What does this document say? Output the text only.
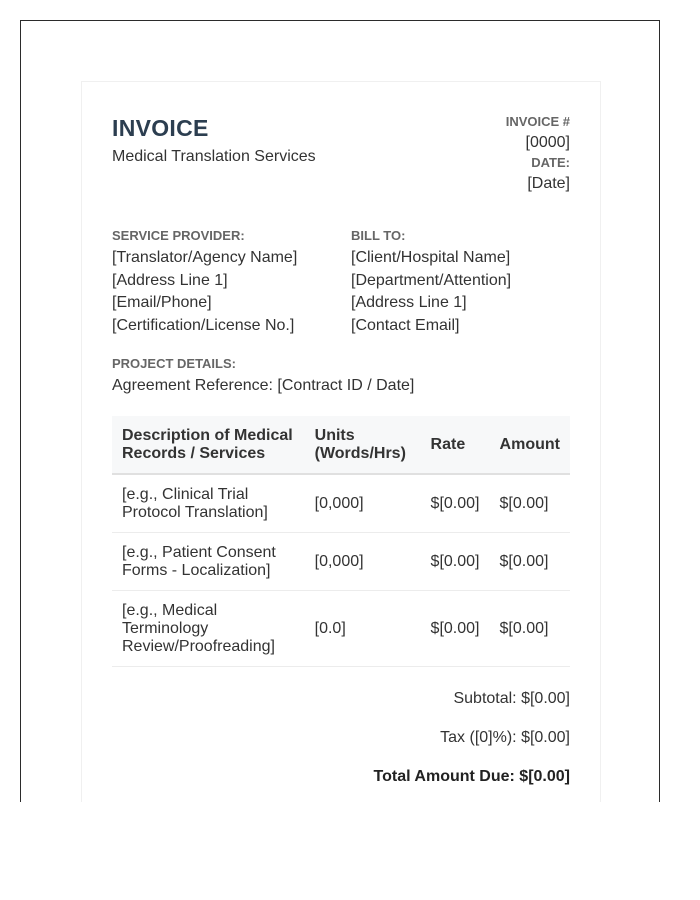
INVOICE
Medical Translation Services
INVOICE #
[0000]
DATE:
[Date]
SERVICE PROVIDER:
[Translator/Agency Name]
[Address Line 1]
[Email/Phone]
[Certification/License No.]
BILL TO:
[Client/Hospital Name]
[Department/Attention]
[Address Line 1]
[Contact Email]
PROJECT DETAILS:
Agreement Reference: [Contract ID / Date]
Description of Medical Records / Services	Units (Words/Hrs)	Rate	Amount
[e.g., Clinical Trial Protocol Translation]	[0,000]	$[0.00]	$[0.00]
[e.g., Patient Consent Forms - Localization]	[0,000]	$[0.00]	$[0.00]
[e.g., Medical Terminology Review/Proofreading]	[0.0]	$[0.00]	$[0.00]
Subtotal: $[0.00]
Tax ([0]%): $[0.00]
Total Amount Due: $[0.00]
